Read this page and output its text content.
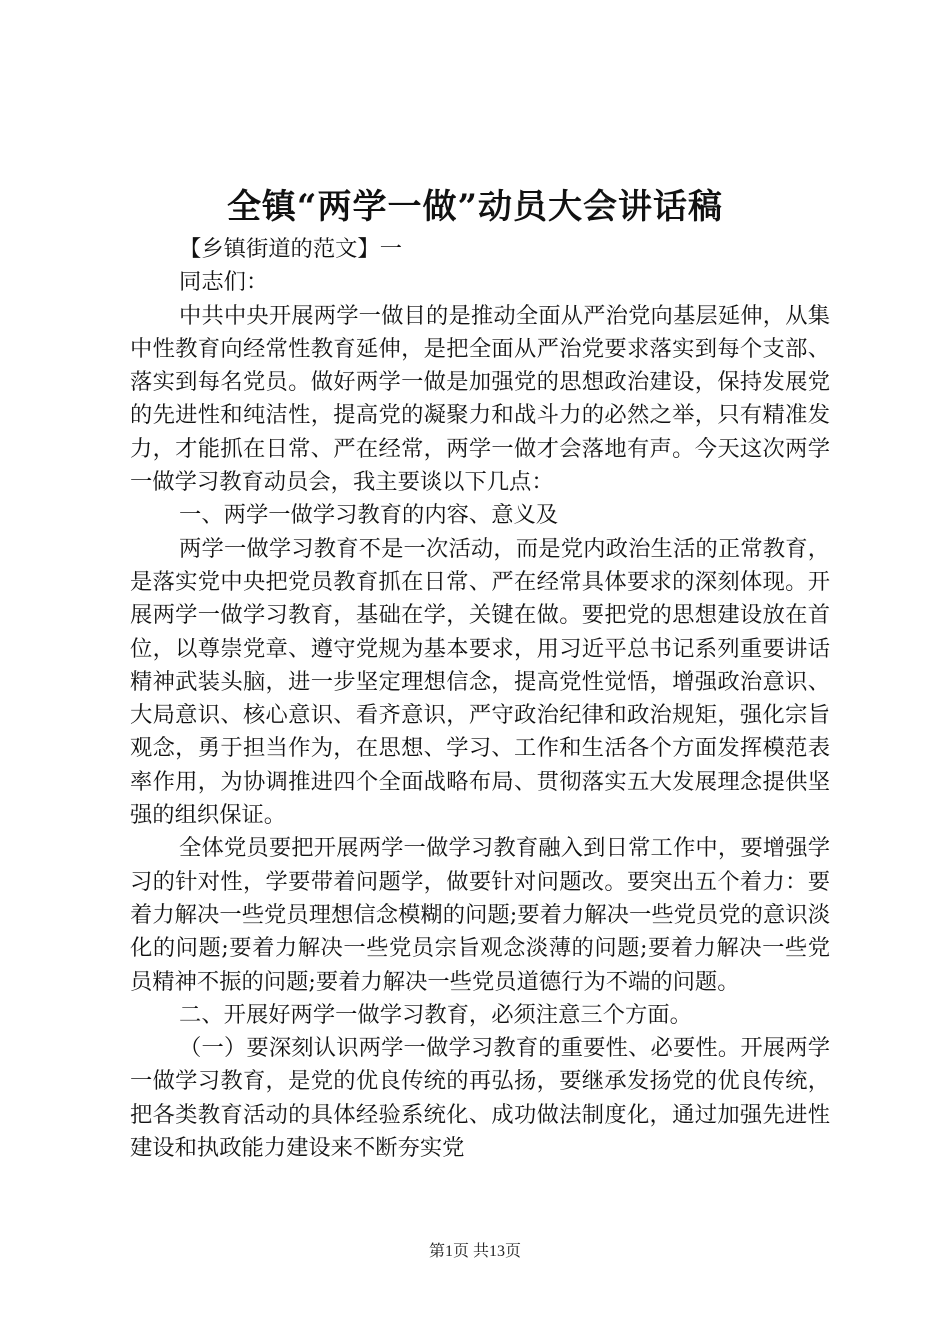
全镇“两学一做”动员大会讲话稿

【乡镇街道的范文】一

同志们：

中共中央开展两学一做目的是推动全面从严治党向基层延伸，从集中性教育向经常性教育延伸，是把全面从严治党要求落实到每个支部、落实到每名党员。做好两学一做是加强党的思想政治建设，保持发展党的先进性和纯洁性，提高党的凝聚力和战斗力的必然之举，只有精准发力，才能抓在日常、严在经常，两学一做才会落地有声。今天这次两学一做学习教育动员会，我主要谈以下几点：

一、两学一做学习教育的内容、意义及

两学一做学习教育不是一次活动，而是党内政治生活的正常教育，是落实党中央把党员教育抓在日常、严在经常具体要求的深刻体现。开展两学一做学习教育，基础在学，关键在做。要把党的思想建设放在首位，以尊崇党章、遵守党规为基本要求，用习近平总书记系列重要讲话精神武装头脑，进一步坚定理想信念，提高党性觉悟，增强政治意识、大局意识、核心意识、看齐意识，严守政治纪律和政治规矩，强化宗旨观念，勇于担当作为，在思想、学习、工作和生活各个方面发挥模范表率作用，为协调推进四个全面战略布局、贯彻落实五大发展理念提供坚强的组织保证。

全体党员要把开展两学一做学习教育融入到日常工作中，要增强学习的针对性，学要带着问题学，做要针对问题改。要突出五个着力：要着力解决一些党员理想信念模糊的问题;要着力解决一些党员党的意识淡化的问题;要着力解决一些党员宗旨观念淡薄的问题;要着力解决一些党员精神不振的问题;要着力解决一些党员道德行为不端的问题。

二、开展好两学一做学习教育，必须注意三个方面。

（一）要深刻认识两学一做学习教育的重要性、必要性。开展两学一做学习教育，是党的优良传统的再弘扬，要继承发扬党的优良传统，把各类教育活动的具体经验系统化、成功做法制度化，通过加强先进性建设和执政能力建设来不断夯实党

第1页 共13页
